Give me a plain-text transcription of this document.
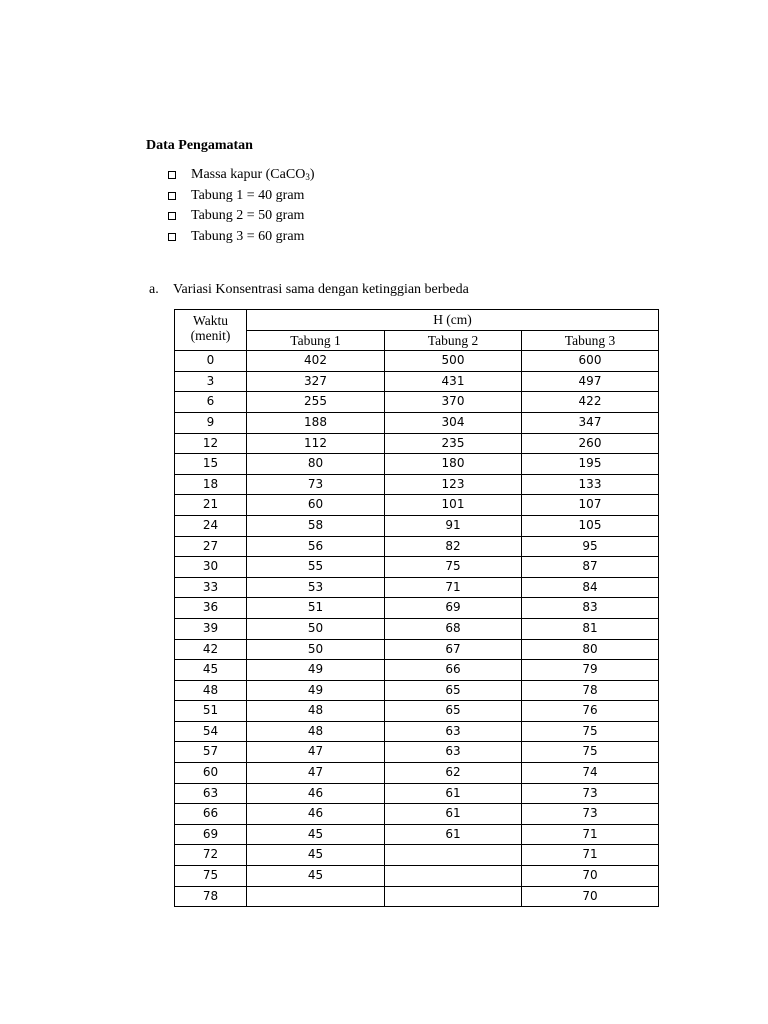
Data Pengamatan
Massa kapur (CaCO$_3$)
Tabung 1 = 40 gram
Tabung 2 = 50 gram
Tabung 3 = 60 gram
a. Variasi Konsentrasi sama dengan ketinggian berbeda
Waktu
(menit)	H (cm)		
	Tabung 1	Tabung 2	Tabung 3
0	402	500	600
3	327	431	497
6	255	370	422
9	188	304	347
12	112	235	260
15	80	180	195
18	73	123	133
21	60	101	107
24	58	91	105
27	56	82	95
30	55	75	87
33	53	71	84
36	51	69	83
39	50	68	81
42	50	67	80
45	49	66	79
48	49	65	78
51	48	65	76
54	48	63	75
57	47	63	75
60	47	62	74
63	46	61	73
66	46	61	73
69	45	61	71
72	45		71
75	45		70
78			70
